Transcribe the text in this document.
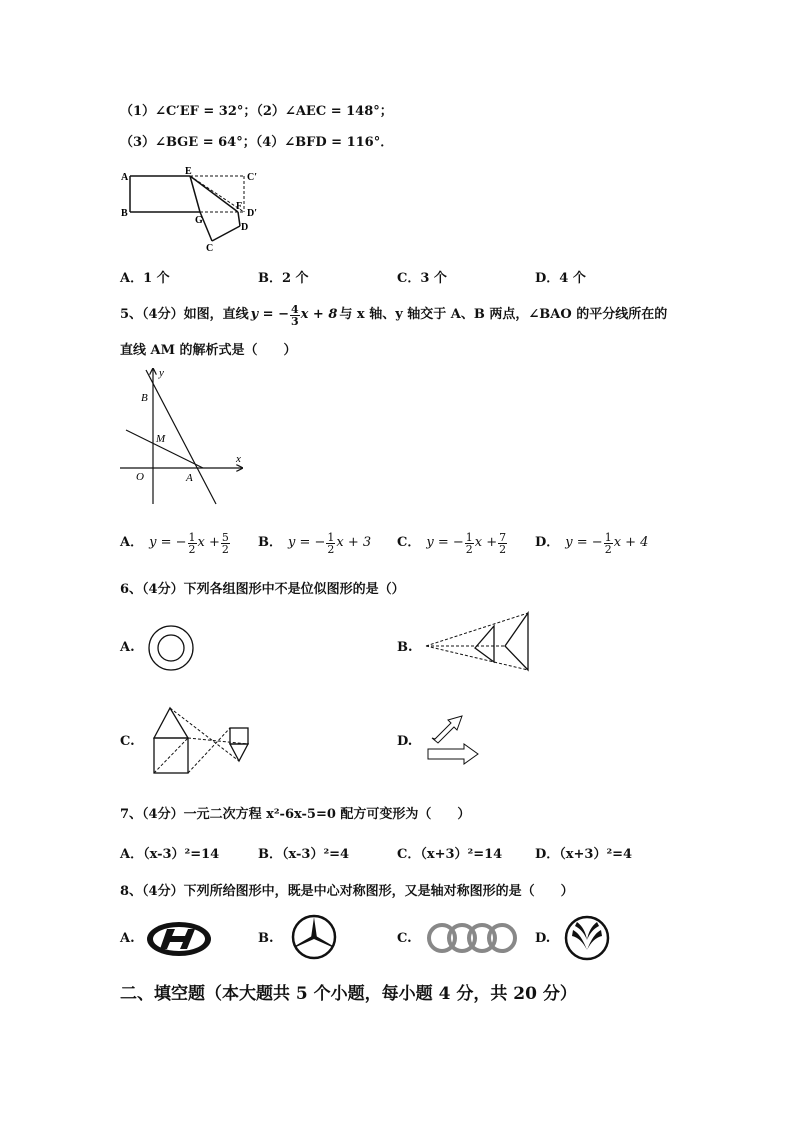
（1）∠C′EF = 32°；（2）∠AEC = 148°；
（3）∠BGE = 64°；（4）∠BFD = 116°．
A
B
E
C′
F
D′
G
D
C
A．1 个	B．2 个	C．3 个	D．4 个
5、（4分）如图，直线 y = − $\frac{4}{3}$ x + 8 与 x 轴、y 轴交于 A、B 两点，∠BAO 的平分线所在的
直线 AM 的解析式是（　　）
y
B
M
O	A
x
A． y = − $\frac{1}{2}$ $x + \frac{5}{2}$ B． y = − $\frac{1}{2}$ x + 3 C． y = − $\frac{1}{2}$ $x + \frac{7}{2}$ D． y = − $\frac{1}{2}$ x + 4
6、（4分）下列各组图形中不是位似图形的是（）
A.	B.
C.	D.
7、（4分）一元二次方程 x²-6x-5=0 配方可变形为（　　）
A．（x-3）²=14	B．（x-3）²=4	C．（x+3）²=14	D．（x+3）²=4
8、（4分）下列所给图形中，既是中心对称图形，又是轴对称图形的是（　　）
A.	B.	C.	D.
二、填空题（本大题共 5 个小题，每小题 4 分，共 20 分）
